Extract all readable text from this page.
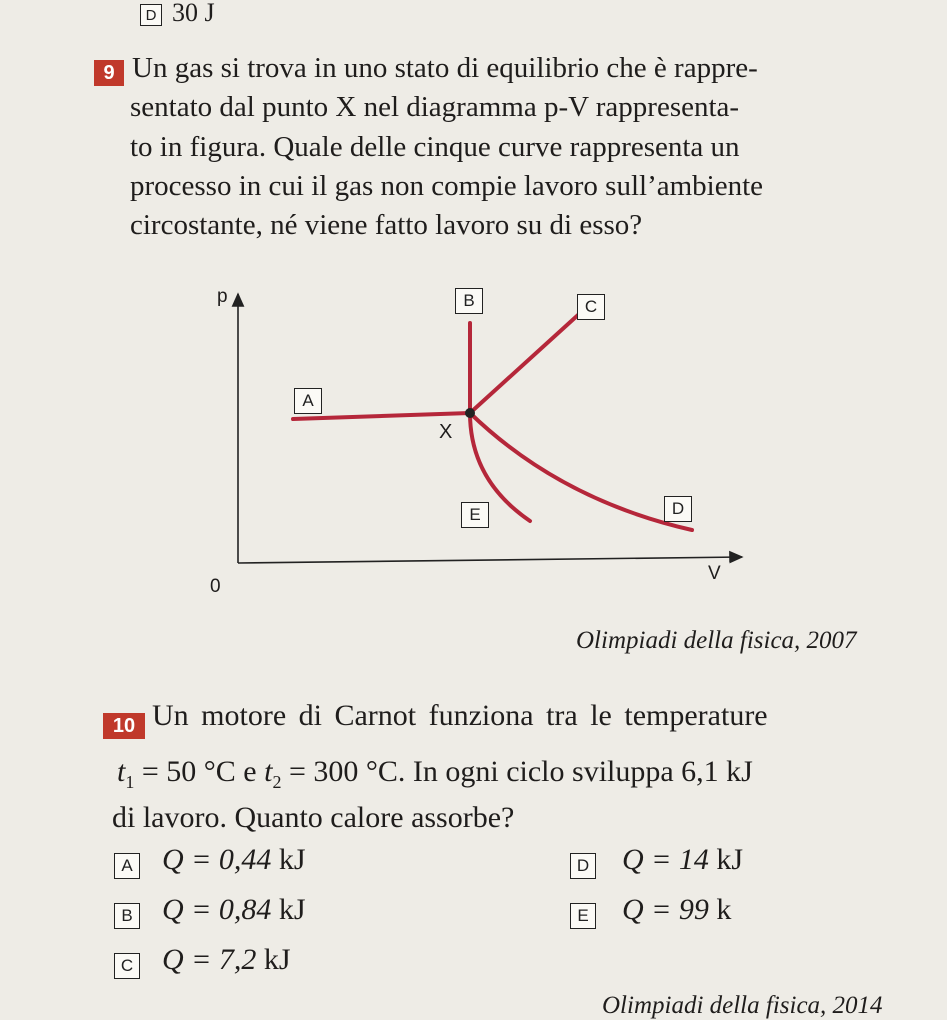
D 30 J
9 Un gas si trova in uno stato di equilibrio che è rappre-
sentato dal punto X nel diagramma p-V rappresenta-
to in figura. Quale delle cinque curve rappresenta un
processo in cui il gas non compie lavoro sull’ambiente
circostante, né viene fatto lavoro su di esso?
p
V
0
X
A
B	C
D
E
Olimpiadi della fisica, 2007
10 Un motore di Carnot funziona tra le temperature
$t_1 = 50$ °C e $t_2 = 300$ °C. In ogni ciclo sviluppa 6,1 kJ
di lavoro. Quanto calore assorbe?
A Q = 0,44 kJ
B Q = 0,84 kJ
C Q = 7,2 kJ
D Q = 14 kJ
E Q = 99 k
Olimpiadi della fisica, 2014
